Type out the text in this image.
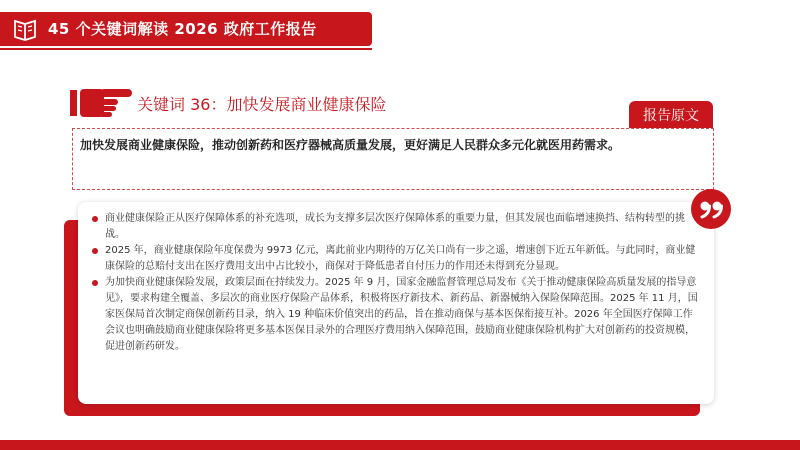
45 个关键词解读 2026 政府工作报告
关键词 36：加快发展商业健康保险
报告原文
加快发展商业健康保险，推动创新药和医疗器械高质量发展，更好满足人民群众多元化就医用药需求。
商业健康保险正从医疗保障体系的补充选项，成长为支撑多层次医疗保障体系的重要力量，但其发展也面临增速换挡、结构转型的挑战。
2025 年，商业健康保险年度保费为 9973 亿元，离此前业内期待的万亿关口尚有一步之遥，增速创下近五年新低。与此同时，商业健康保险的总赔付支出在医疗费用支出中占比较小，商保对于降低患者自付压力的作用还未得到充分显现。
为加快商业健康保险发展，政策层面在持续发力。2025 年 9 月，国家金融监督管理总局发布《关于推动健康保险高质量发展的指导意见》，要求构建全覆盖、多层次的商业医疗保险产品体系，积极将医疗新技术、新药品、新器械纳入保险保障范围。2025 年 11 月，国家医保局首次制定商保创新药目录，纳入 19 种临床价值突出的药品，旨在推动商保与基本医保衔接互补。2026 年全国医疗保障工作会议也明确鼓励商业健康保险将更多基本医保目录外的合理医疗费用纳入保障范围，鼓励商业健康保险机构扩大对创新药的投资规模，促进创新药研发。
